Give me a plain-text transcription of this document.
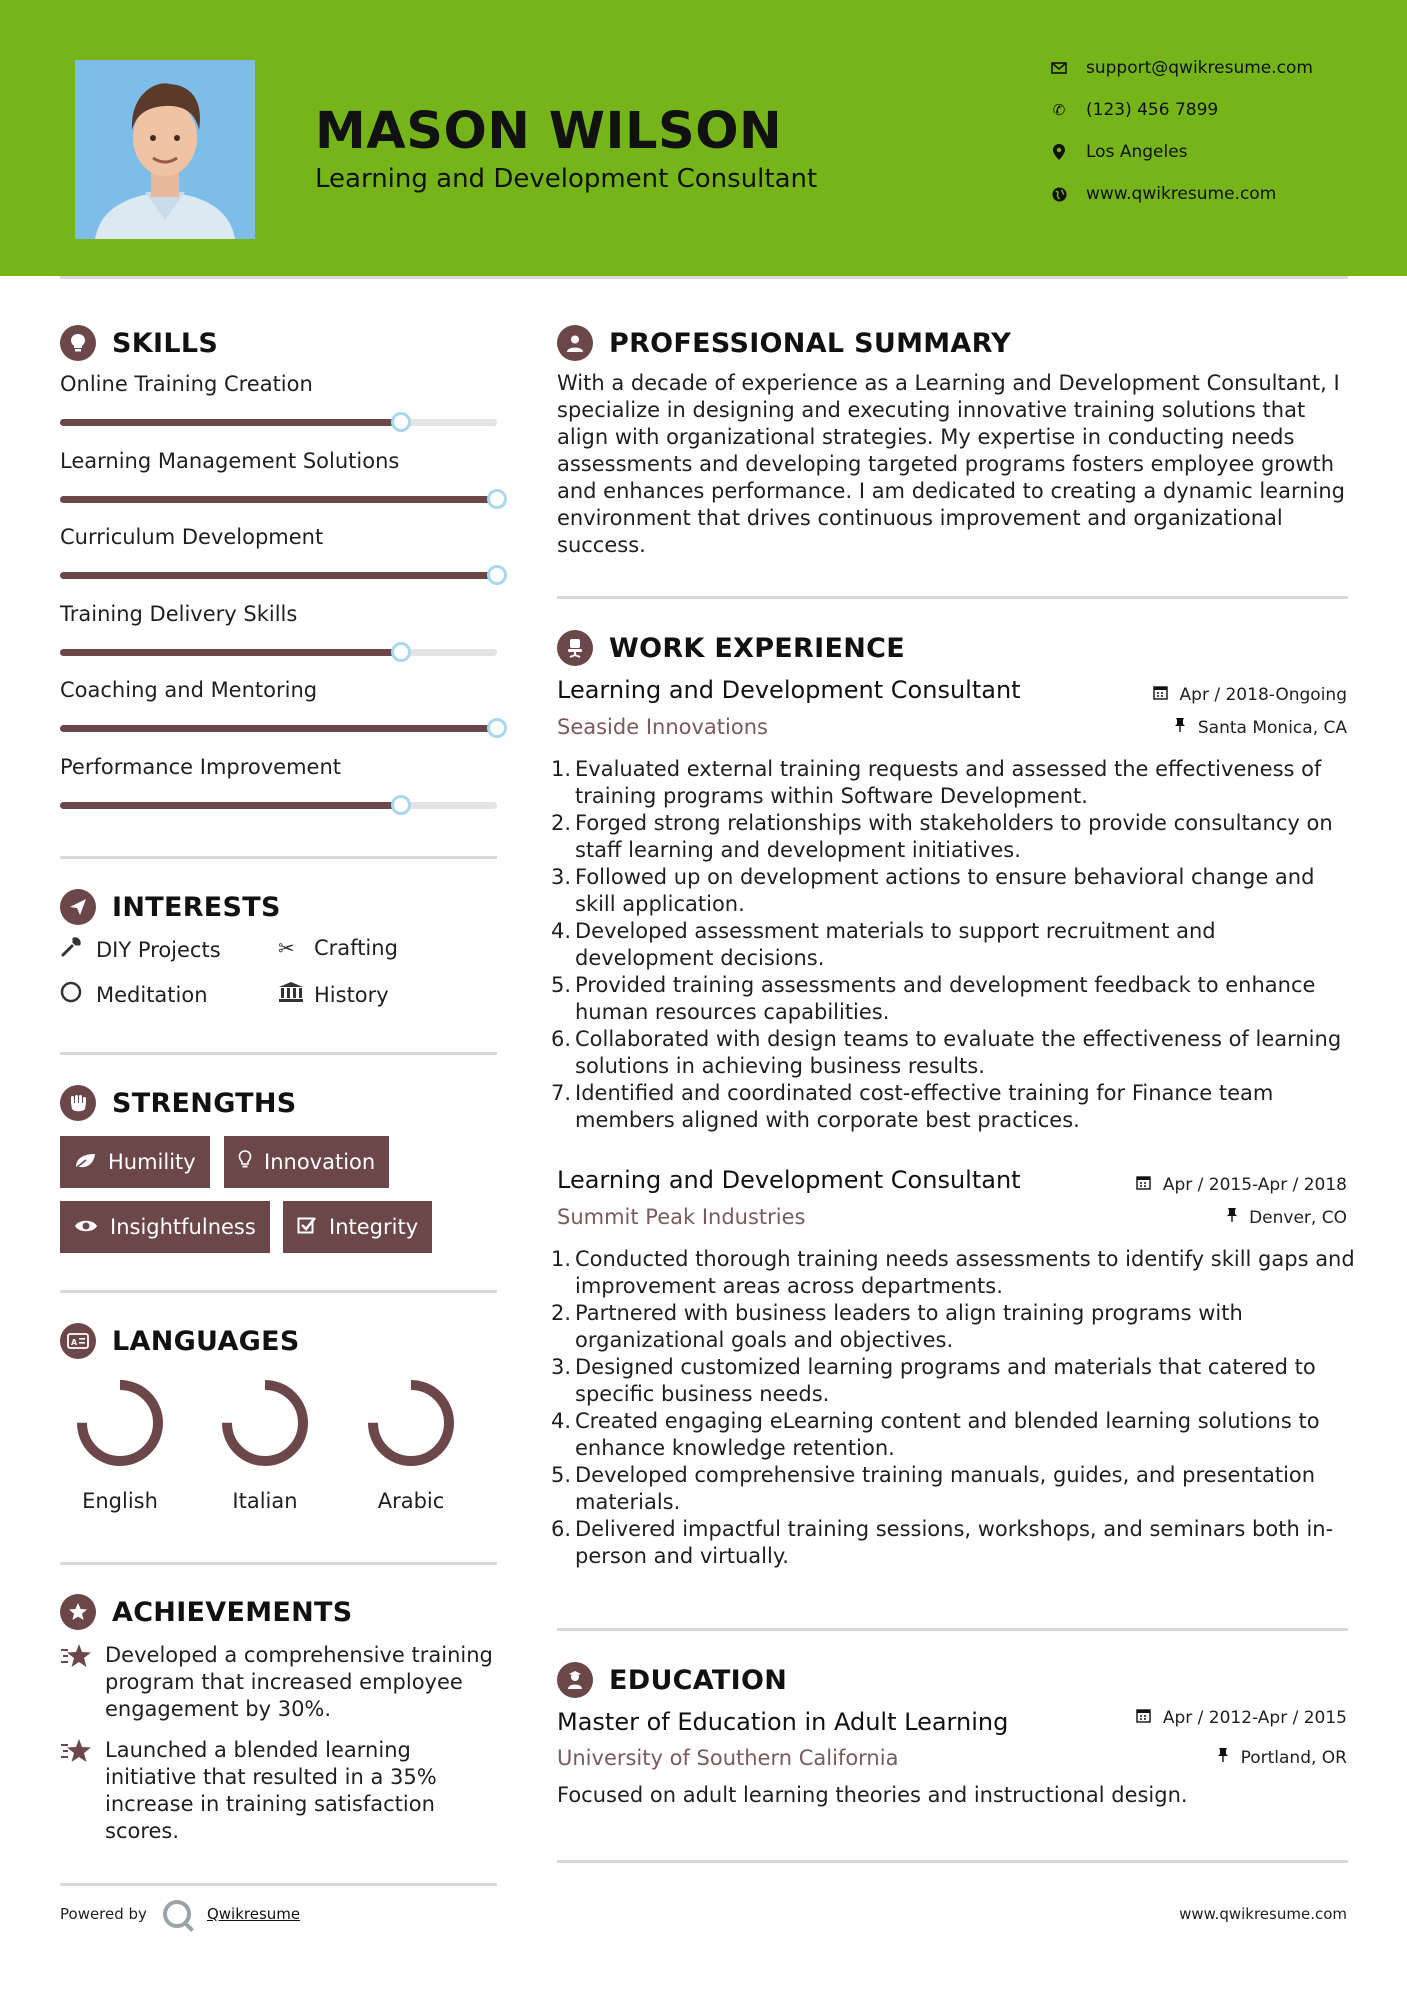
MASON WILSON
Learning and Development Consultant
support@qwikresume.com
✆ (123) 456 7899
Los Angeles
www.qwikresume.com
SKILLS
Online Training Creation
Learning Management Solutions
Curriculum Development
Training Delivery Skills
Coaching and Mentoring
Performance Improvement
INTERESTS
DIY Projects	✂ Crafting
Meditation	History
STRENGTHS
Humility	Innovation
Insightfulness	Integrity
A LANGUAGES
English	Italian	Arabic
ACHIEVEMENTS
Developed a comprehensive training program that increased employee engagement by 30%.
Launched a blended learning initiative that resulted in a 35% increase in training satisfaction scores.
PROFESSIONAL SUMMARY
With a decade of experience as a Learning and Development Consultant, I specialize in designing and executing innovative training solutions that align with organizational strategies. My expertise in conducting needs assessments and developing targeted programs fosters employee growth and enhances performance. I am dedicated to creating a dynamic learning environment that drives continuous improvement and organizational success.
WORK EXPERIENCE
Learning and Development Consultant
Seaside Innovations
Apr / 2018-Ongoing
Santa Monica, CA
Evaluated external training requests and assessed the effectiveness of training programs within Software Development.
Forged strong relationships with stakeholders to provide consultancy on staff learning and development initiatives.
Followed up on development actions to ensure behavioral change and skill application.
Developed assessment materials to support recruitment and development decisions.
Provided training assessments and development feedback to enhance human resources capabilities.
Collaborated with design teams to evaluate the effectiveness of learning solutions in achieving business results.
Identified and coordinated cost-effective training for Finance team members aligned with corporate best practices.
Learning and Development Consultant
Summit Peak Industries
Apr / 2015-Apr / 2018
Denver, CO
Conducted thorough training needs assessments to identify skill gaps and improvement areas across departments.
Partnered with business leaders to align training programs with organizational goals and objectives.
Designed customized learning programs and materials that catered to specific business needs.
Created engaging eLearning content and blended learning solutions to enhance knowledge retention.
Developed comprehensive training manuals, guides, and presentation materials.
Delivered impactful training sessions, workshops, and seminars both in-person and virtually.
EDUCATION
Master of Education in Adult Learning
University of Southern California
Apr / 2012-Apr / 2015
Portland, OR
Focused on adult learning theories and instructional design.
Powered by	Qwikresume	www.qwikresume.com
